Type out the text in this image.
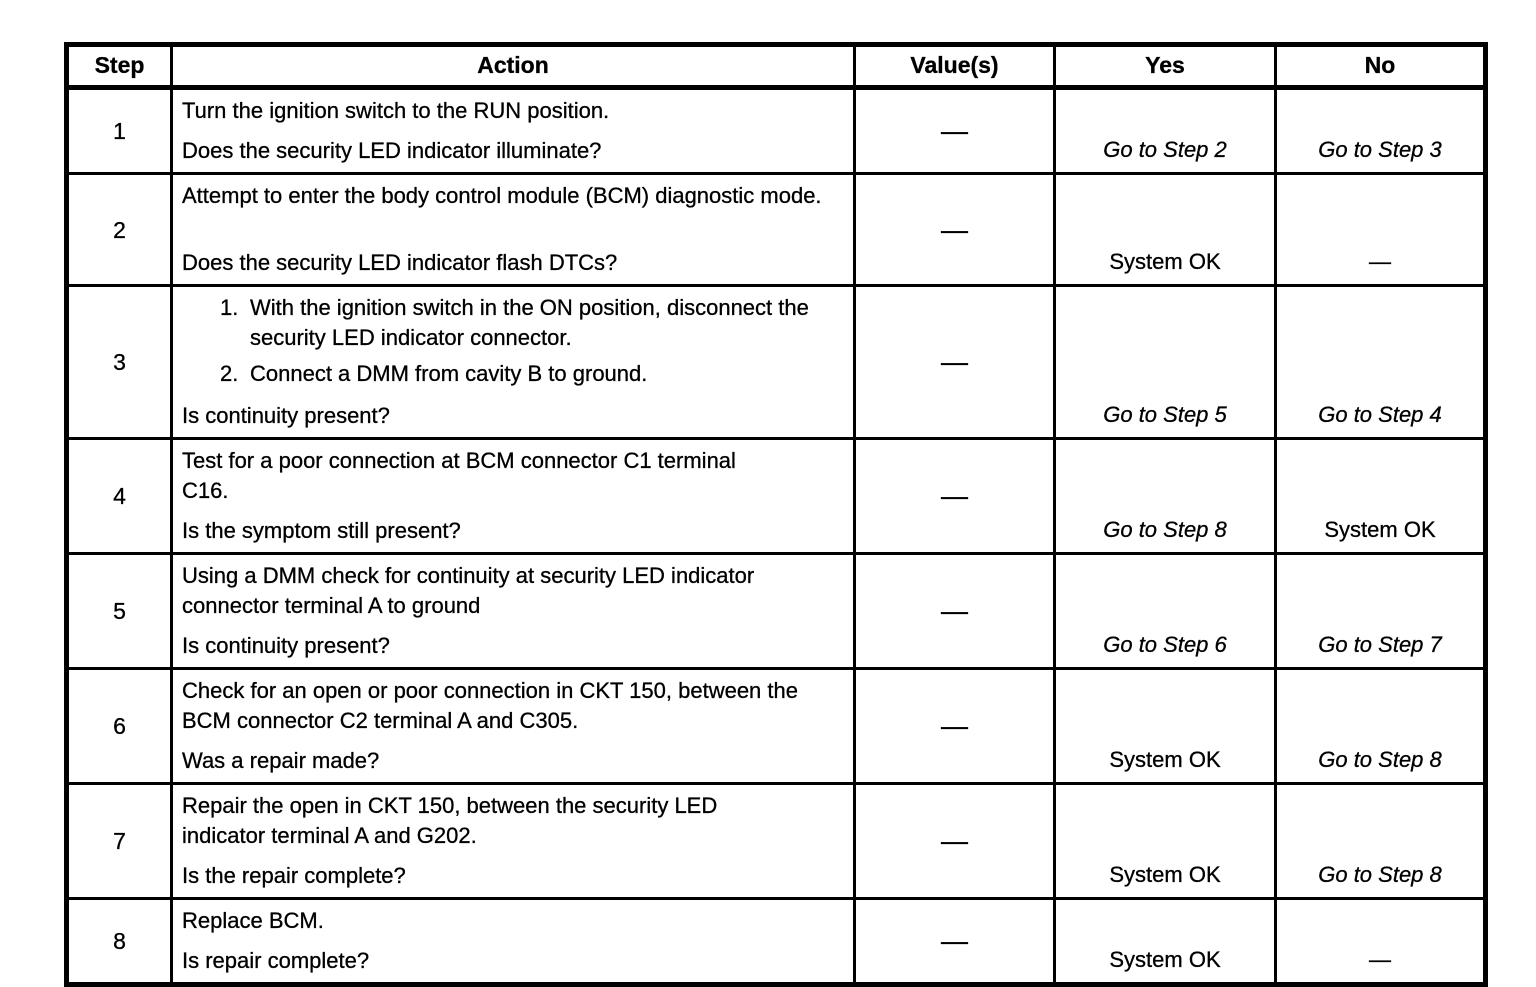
Step	Action	Value(s)	Yes	No
1	Turn the ignition switch to the RUN position.
Does the security LED indicator illuminate?	—	Go to Step 2	Go to Step 3
2	Attempt to enter the body control module (BCM) diagnostic mode.
Does the security LED indicator flash DTCs?	—	System OK	—
3	1. With the ignition switch in the ON position, disconnect the security LED indicator connector.
2. Connect a DMM from cavity B to ground.
Is continuity present?	—	Go to Step 5	Go to Step 4
4	Test for a poor connection at BCM connector C1 terminal C16.
Is the symptom still present?	—	Go to Step 8	System OK
5	Using a DMM check for continuity at security LED indicator connector terminal A to ground
Is continuity present?	—	Go to Step 6	Go to Step 7
6	Check for an open or poor connection in CKT 150, between the BCM connector C2 terminal A and C305.
Was a repair made?	—	System OK	Go to Step 8
7	Repair the open in CKT 150, between the security LED indicator terminal A and G202.
Is the repair complete?	—	System OK	Go to Step 8
8	Replace BCM.
Is repair complete?	—	System OK	—
